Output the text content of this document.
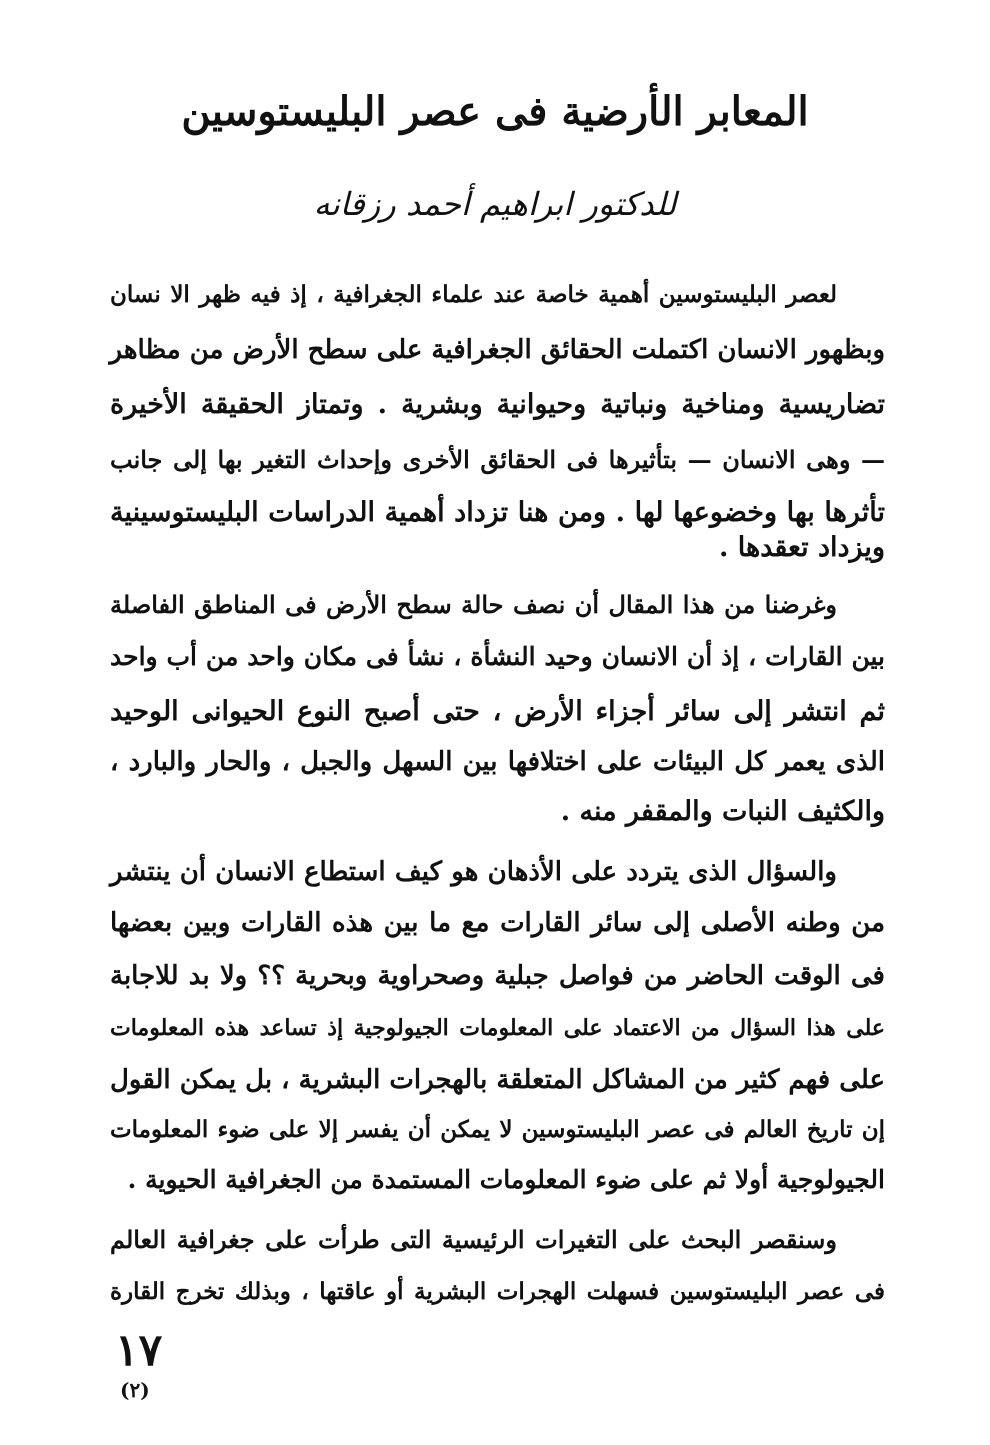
المعابر الأرضية فى عصر البليستوسين
للدكتور ابراهيم أحمد رزقانه
لعصر البليستوسين أهمية خاصة عند علماء الجغرافية ، إذ فيه ظهر الا نسان
وبظهور الانسان اكتملت الحقائق الجغرافية على سطح الأرض من مظاهر
تضاريسية ومناخية ونباتية وحيوانية وبشرية . وتمتاز الحقيقة الأخيرة
— وهى الانسان — بتأثيرها فى الحقائق الأخرى وإحداث التغير بها إلى جانب
تأثرها بها وخضوعها لها . ومن هنا تزداد أهمية الدراسات البليستوسينية
ويزداد تعقدها .
وغرضنا من هذا المقال أن نصف حالة سطح الأرض فى المناطق الفاصلة
بين القارات ، إذ أن الانسان وحيد النشأة ، نشأ فى مكان واحد من أب واحد
ثم انتشر إلى سائر أجزاء الأرض ، حتى أصبح النوع الحيوانى الوحيد
الذى يعمر كل البيئات على اختلافها بين السهل والجبل ، والحار والبارد ،
والكثيف النبات والمقفر منه .
والسؤال الذى يتردد على الأذهان هو كيف استطاع الانسان أن ينتشر
من وطنه الأصلى إلى سائر القارات مع ما بين هذه القارات وبين بعضها
فى الوقت الحاضر من فواصل جبلية وصحراوية وبحرية ؟؟ ولا بد للاجابة
على هذا السؤال من الاعتماد على المعلومات الجيولوجية إذ تساعد هذه المعلومات
على فهم كثير من المشاكل المتعلقة بالهجرات البشرية ، بل يمكن القول
إن تاريخ العالم فى عصر البليستوسين لا يمكن أن يفسر إلا على ضوء المعلومات
الجيولوجية أولا ثم على ضوء المعلومات المستمدة من الجغرافية الحيوية .
وسنقصر البحث على التغيرات الرئيسية التى طرأت على جغرافية العالم
فى عصر البليستوسين فسهلت الهجرات البشرية أو عاقتها ، وبذلك تخرج القارة
١٧
(٢)
